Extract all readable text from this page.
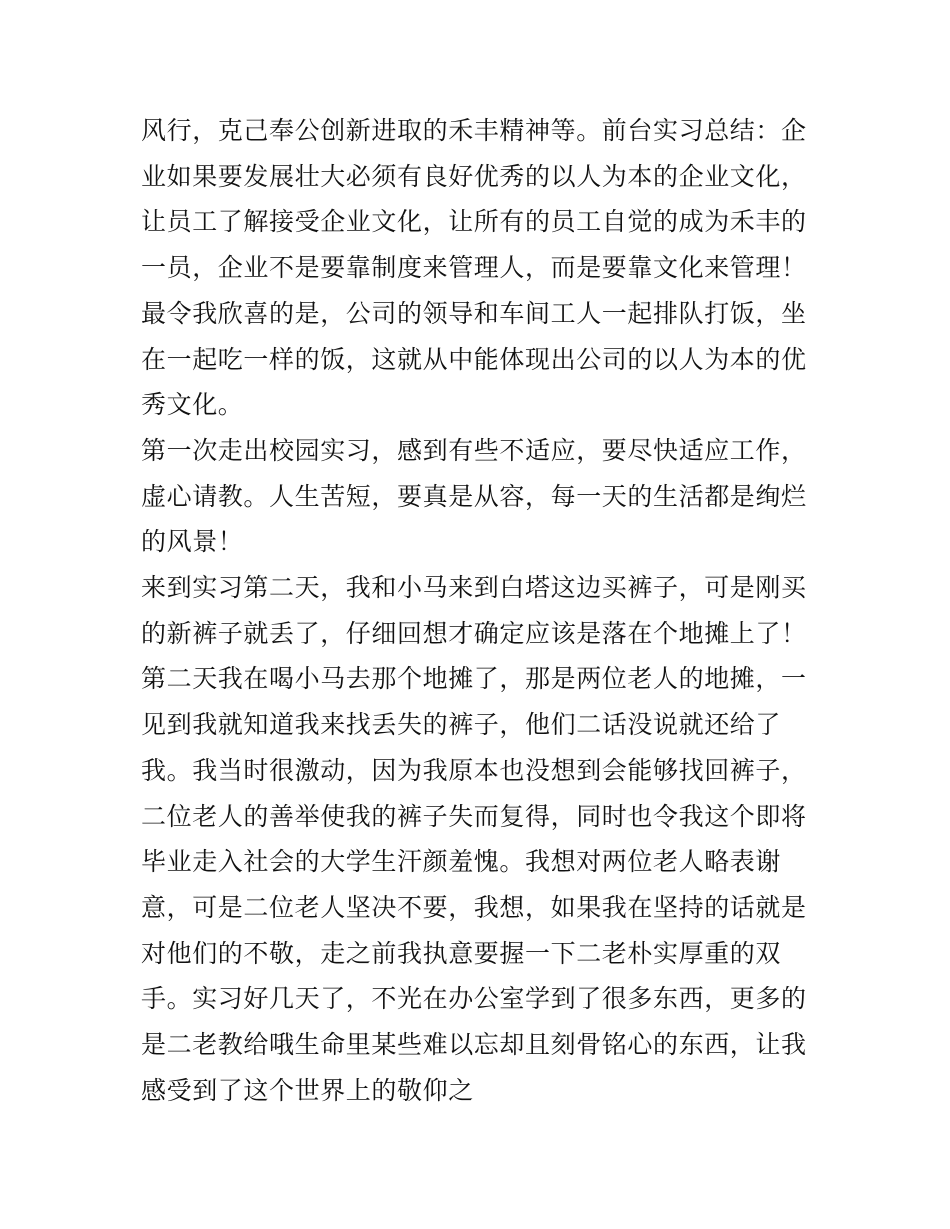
风行，克己奉公创新进取的禾丰精神等。前台实习总结：企业如果要发展壮大必须有良好优秀的以人为本的企业文化，让员工了解接受企业文化，让所有的员工自觉的成为禾丰的一员，企业不是要靠制度来管理人，而是要靠文化来管理！最令我欣喜的是，公司的领导和车间工人一起排队打饭，坐在一起吃一样的饭，这就从中能体现出公司的以人为本的优秀文化。

第一次走出校园实习，感到有些不适应，要尽快适应工作，虚心请教。人生苦短，要真是从容，每一天的生活都是绚烂的风景！

来到实习第二天，我和小马来到白塔这边买裤子，可是刚买的新裤子就丢了，仔细回想才确定应该是落在个地摊上了！第二天我在喝小马去那个地摊了，那是两位老人的地摊，一见到我就知道我来找丢失的裤子，他们二话没说就还给了我。我当时很激动，因为我原本也没想到会能够找回裤子，二位老人的善举使我的裤子失而复得，同时也令我这个即将毕业走入社会的大学生汗颜羞愧。我想对两位老人略表谢意，可是二位老人坚决不要，我想，如果我在坚持的话就是对他们的不敬，走之前我执意要握一下二老朴实厚重的双手。实习好几天了，不光在办公室学到了很多东西，更多的是二老教给哦生命里某些难以忘却且刻骨铭心的东西，让我感受到了这个世界上的敬仰之
